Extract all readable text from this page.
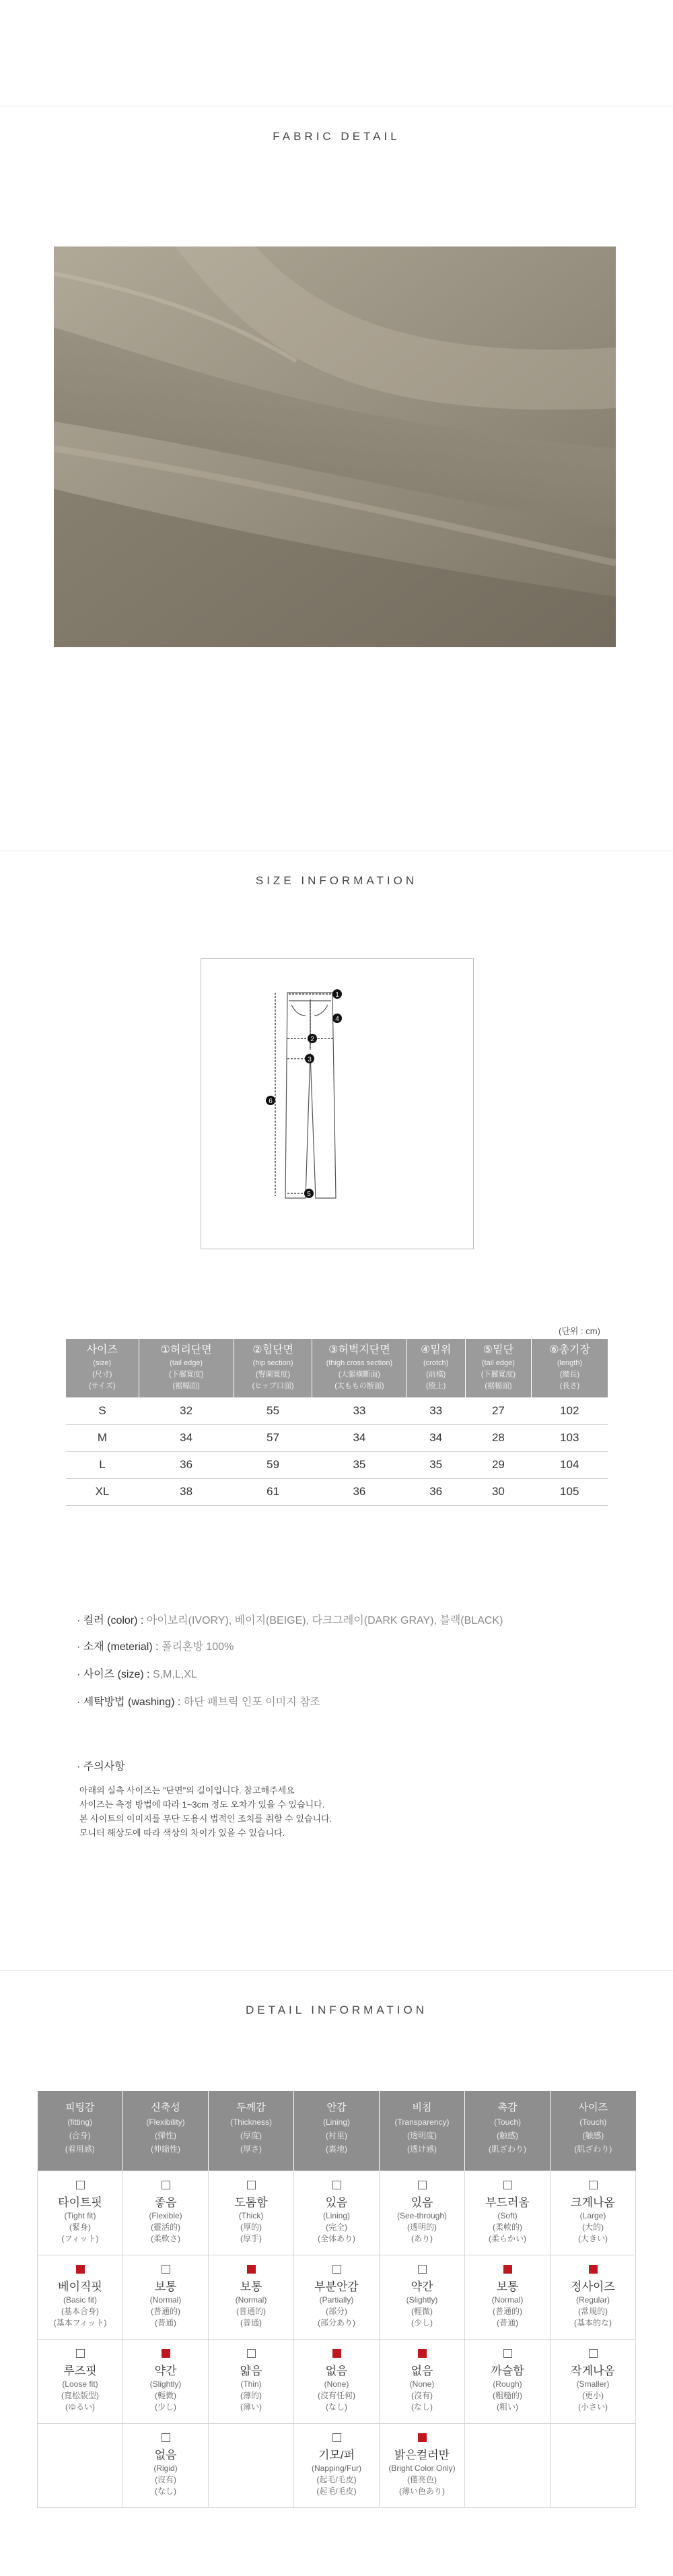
FABRIC DETAIL
SIZE INFORMATION
1
2
3
4
5
6
(단위 : cm)
사이즈
(size)
(尺寸)
(サイズ)	①허리단면
(tail edge)
(下擺寬度)
(裾幅面)	②힙단면
(hip section)
(臀圍寬度)
(ヒップ口面)	③허벅지단면
(thigh cross section)
(大腿橫斷面)
(太ももの断面)	④밑위
(crotch)
(前檔)
(股上)	⑤밑단
(tail edge)
(下擺寬度)
(裾幅面)	⑥총기장
(length)
(總長)
(長さ)

S	32	55	33	33	27	102
M	34	57	34	34	28	103
L	36	59	35	35	29	104
XL	38	61	36	36	30	105
· 컬러 (color) : 아이보리(IVORY), 베이지(BEIGE), 다크그레이(DARK GRAY), 블랙(BLACK)
· 소재 (meterial) : 폴리혼방 100%
· 사이즈 (size) : S,M,L,XL
· 세탁방법 (washing) : 하단 패브릭 인포 이미지 참조
· 주의사항
아래의 실측 사이즈는 "단면"의 길이입니다. 참고해주세요
사이즈는 측정 방법에 따라 1~3cm 정도 오차가 있을 수 있습니다.
본 사이트의 이미지를 무단 도용시 법적인 조치를 취할 수 있습니다.
모니터 해상도에 따라 색상의 차이가 있을 수 있습니다.
DETAIL INFORMATION
피팅감
(fitting)
(合身)
(着用感)	신축성
(Flexibility)
(彈性)
(伸縮性)	두께감
(Thickness)
(厚度)
(厚さ)	안감
(Lining)
(衬里)
(裏地)	비침
(Transparency)
(透明度)
(透け感)	촉감
(Touch)
(触感)
(肌ざわり)	사이즈
(Touch)
(触感)
(肌ざわり)

타이트핏
(Tight fit)
(緊身)
(フィット)	좋음
(Flexible)
(靈活的)
(柔軟さ)	도톰함
(Thick)
(厚的)
(厚手)	있음
(Lining)
(完全)
(全体あり)	있음
(See-through)
(透明的)
(あり)	부드러움
(Soft)
(柔軟的)
(柔らかい)	크게나옴
(Large)
(大的)
(大きい)

베이직핏
(Basic fit)
(基本合身)
(基本フィット)	보통
(Normal)
(普通的)
(普通)	보통
(Normal)
(普通的)
(普通)	부분안감
(Partially)
(部分)
(部分あり)	약간
(Slightly)
(輕微)
(少し)	보통
(Normal)
(普通的)
(普通)	정사이즈
(Regular)
(常規的)
(基本的な)

루즈핏
(Loose fit)
(寬松版型)
(ゆるい)	약간
(Slightly)
(輕微)
(少し)	얇음
(Thin)
(薄的)
(薄い)	없음
(None)
(沒有任何)
(なし)	없음
(None)
(沒有)
(なし)	까슬함
(Rough)
(粗糙的)
(粗い)	작게나옴
(Smaller)
(更小)
(小さい)

	없음
(Rigid)
(沒有)
(なし)		기모/퍼
(Napping/Fur)
(起毛/毛皮)
(起毛/毛皮)	밝은컬러만
(Bright Color Only)
(僅亮色)
(薄い色あり)		
